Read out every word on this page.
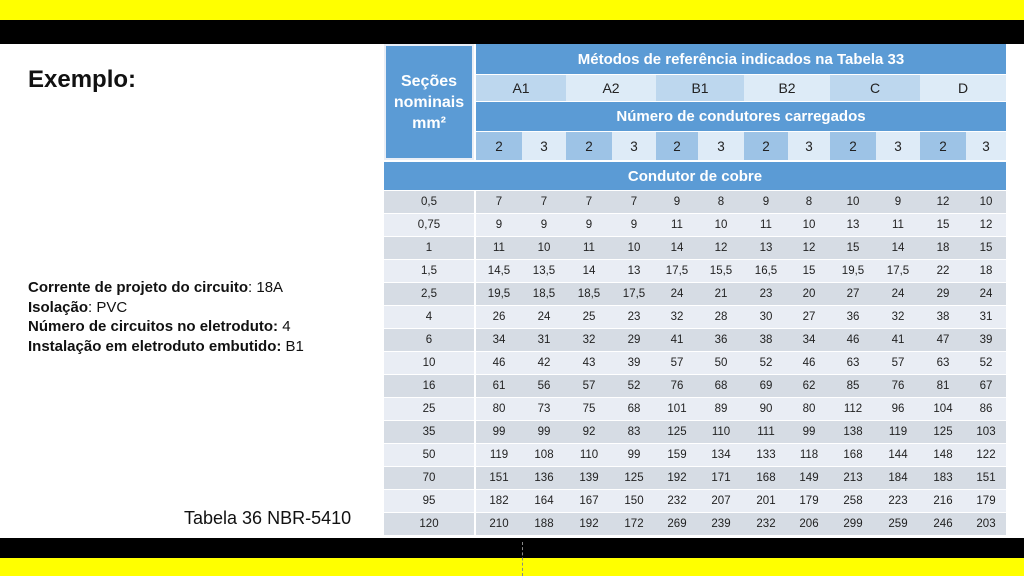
Exemplo:
Corrente de projeto do circuito: 18A
Isolação: PVC
Número de circuitos no eletroduto: 4
Instalação em eletroduto embutido: B1
Tabela 36 NBR-5410
Seções nominais mm²
Métodos de referência indicados na Tabela 33
A1	A2	B1	B2	C	D
Número de condutores carregados
2	3	2	3	2	3	2	3	2	3	2	3
Condutor de cobre
0,5	7	7	7	7	9	8	9	8	10	9	12	10
0,75	9	9	9	9	11	10	11	10	13	11	15	12
1	11	10	11	10	14	12	13	12	15	14	18	15
1,5	14,5	13,5	14	13	17,5	15,5	16,5	15	19,5	17,5	22	18
2,5	19,5	18,5	18,5	17,5	24	21	23	20	27	24	29	24
4	26	24	25	23	32	28	30	27	36	32	38	31
6	34	31	32	29	41	36	38	34	46	41	47	39
10	46	42	43	39	57	50	52	46	63	57	63	52
16	61	56	57	52	76	68	69	62	85	76	81	67
25	80	73	75	68	101	89	90	80	112	96	104	86
35	99	99	92	83	125	110	111	99	138	119	125	103
50	119	108	110	99	159	134	133	118	168	144	148	122
70	151	136	139	125	192	171	168	149	213	184	183	151
95	182	164	167	150	232	207	201	179	258	223	216	179
120	210	188	192	172	269	239	232	206	299	259	246	203
